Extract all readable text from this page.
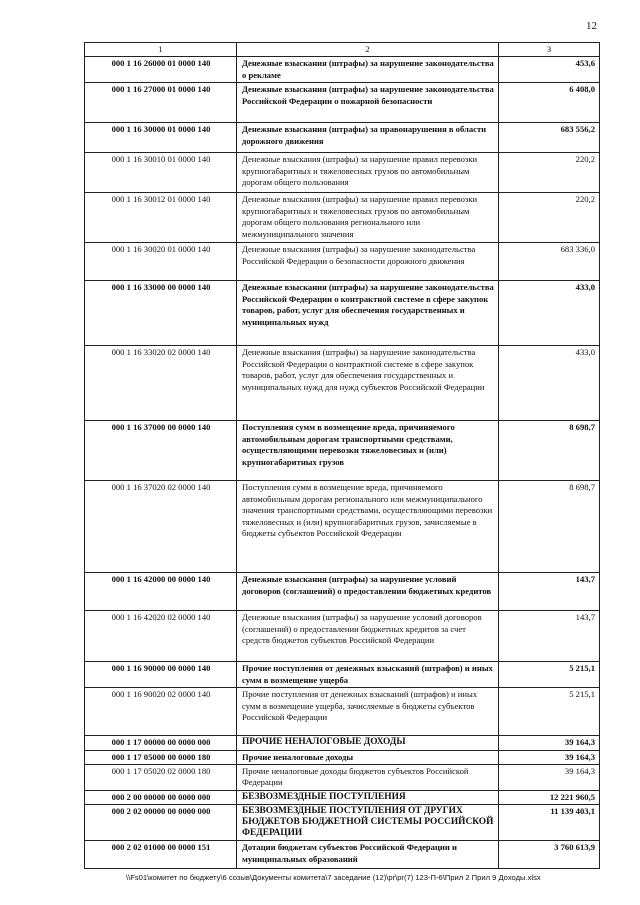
12
1	2	3
000 1 16 26000 01 0000 140	Денежные взыскания (штрафы) за нарушение законодательства о рекламе	453,6
000 1 16 27000 01 0000 140	Денежные взыскания (штрафы) за нарушение законодательства Российской Федерации о пожарной безопасности	6 408,0
000 1 16 30000 01 0000 140	Денежные взыскания (штрафы) за правонарушения в области дорожного движения	683 556,2
000 1 16 30010 01 0000 140	Денежные взыскания (штрафы) за нарушение правил перевозки крупногабаритных и тяжеловесных грузов по автомобильным дорогам общего пользования	220,2
000 1 16 30012 01 0000 140	Денежные взыскания (штрафы) за нарушение правил перевозки крупногабаритных и тяжеловесных грузов по автомобильным дорогам общего пользования регионального или межмуниципального значения	220,2
000 1 16 30020 01 0000 140	Денежные взыскания (штрафы) за нарушение законодательства Российской Федерации о безопасности дорожного движения	683 336,0
000 1 16 33000 00 0000 140	Денежные взыскания (штрафы) за нарушение законодательства Российской Федерации о контрактной системе в сфере закупок товаров, работ, услуг для обеспечения государственных и муниципальных нужд	433,0
000 1 16 33020 02 0000 140	Денежные взыскания (штрафы) за нарушение законодательства Российской Федерации о контрактной системе в сфере закупок товаров, работ, услуг для обеспечения государственных и муниципальных нужд для нужд субъектов Российской Федерации	433,0
000 1 16 37000 00 0000 140	Поступления сумм в возмещение вреда, причиняемого автомобильным дорогам транспортными средствами, осуществляющими перевозки тяжеловесных и (или) крупногабаритных грузов	8 698,7
000 1 16 37020 02 0000 140	Поступления сумм в возмещение вреда, причиняемого автомобильным дорогам регионального или межмуниципального значения транспортными средствами, осуществляющими перевозки тяжеловесных и (или) крупногабаритных грузов, зачисляемые в бюджеты субъектов Российской Федерации	8 698,7
000 1 16 42000 00 0000 140	Денежные взыскания (штрафы) за нарушение условий договоров (соглашений) о предоставлении бюджетных кредитов	143,7
000 1 16 42020 02 0000 140	Денежные взыскания (штрафы) за нарушение условий договоров (соглашений) о предоставлении бюджетных кредитов за счет средств бюджетов субъектов Российской Федерации	143,7
000 1 16 90000 00 0000 140	Прочие поступления от денежных взысканий (штрафов) и иных сумм в возмещение ущерба	5 215,1
000 1 16 90020 02 0000 140	Прочие поступления от денежных взысканий (штрафов) и иных сумм в возмещение ущерба, зачисляемые в бюджеты субъектов Российской Федерации	5 215,1
000 1 17 00000 00 0000 000	ПРОЧИЕ НЕНАЛОГОВЫЕ ДОХОДЫ	39 164,3
000 1 17 05000 00 0000 180	Прочие неналоговые доходы	39 164,3
000 1 17 05020 02 0000 180	Прочие неналоговые доходы бюджетов субъектов Российской Федерации	39 164,3
000 2 00 00000 00 0000 000	БЕЗВОЗМЕЗДНЫЕ ПОСТУПЛЕНИЯ	12 221 960,5
000 2 02 00000 00 0000 000	БЕЗВОЗМЕЗДНЫЕ ПОСТУПЛЕНИЯ ОТ ДРУГИХ БЮДЖЕТОВ БЮДЖЕТНОЙ СИСТЕМЫ РОССИЙСКОЙ ФЕДЕРАЦИИ	11 139 403,1
000 2 02 01000 00 0000 151	Дотации бюджетам субъектов Российской Федерации и муниципальных образований	3 760 613,9
\\Fs01\комитет по бюджету\6 созыв\Документы комитета\7 заседание (12)\pr\pr(7) 123-П-6\Прил 2 Прил 9 Доходы.xlsx
